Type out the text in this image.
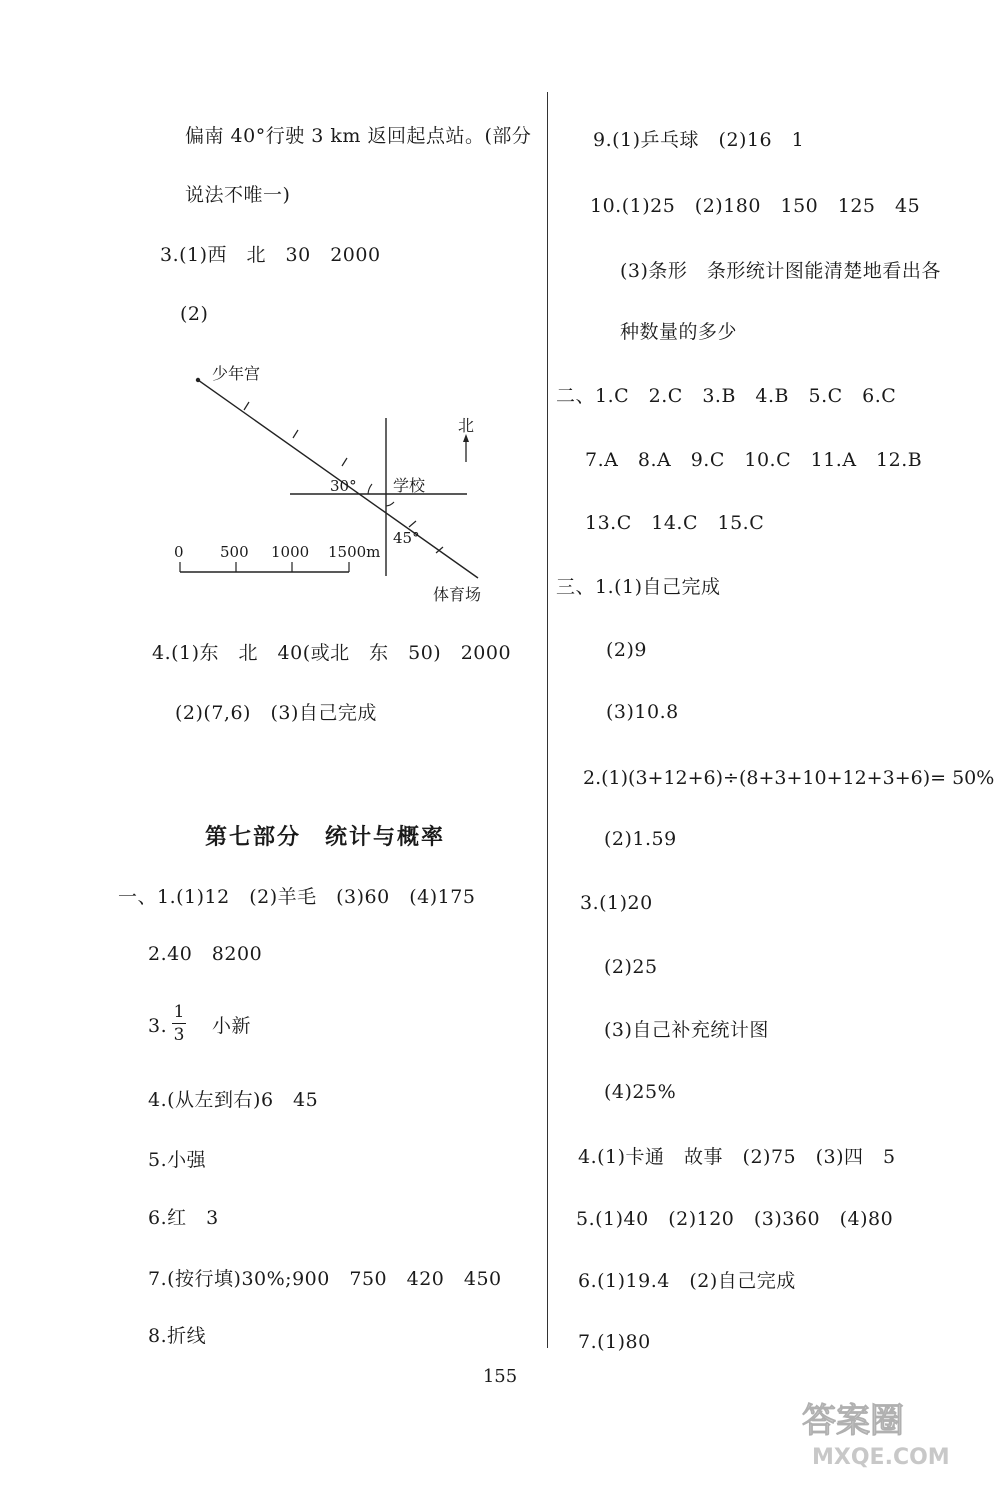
偏南 40°行驶 3 km 返回起点站。(部分
说法不唯一)
3.(1)西　北　30　2000
(2)
少年宫
北
学校
30°
45°
体育场
0 500 1000 1500m
4.(1)东　北　40(或北　东　50)　2000
(2)(7,6)　(3)自己完成
第七部分　统计与概率
一、1.(1)12　(2)羊毛　(3)60　(4)175
2.40　8200
3.
1
3 小新
4.(从左到右)6　45
5.小强
6.红　3
7.(按行填)30%;900　750　420　450
8.折线
9.(1)乒乓球　(2)16　1
10.(1)25　(2)180　150　125　45
(3)条形　条形统计图能清楚地看出各
种数量的多少
二、1.C　2.C　3.B　4.B　5.C　6.C
7.A　8.A　9.C　10.C　11.A　12.B
13.C　14.C　15.C
三、1.(1)自己完成
(2)9
(3)10.8
2.(1)(3+12+6)÷(8+3+10+12+3+6)= 50%
(2)1.59
3.(1)20
(2)25
(3)自己补充统计图
(4)25%
4.(1)卡通　故事　(2)75　(3)四　5
5.(1)40　(2)120　(3)360　(4)80
6.(1)19.4　(2)自己完成
7.(1)80
155
答案圈
MXQE.COM
